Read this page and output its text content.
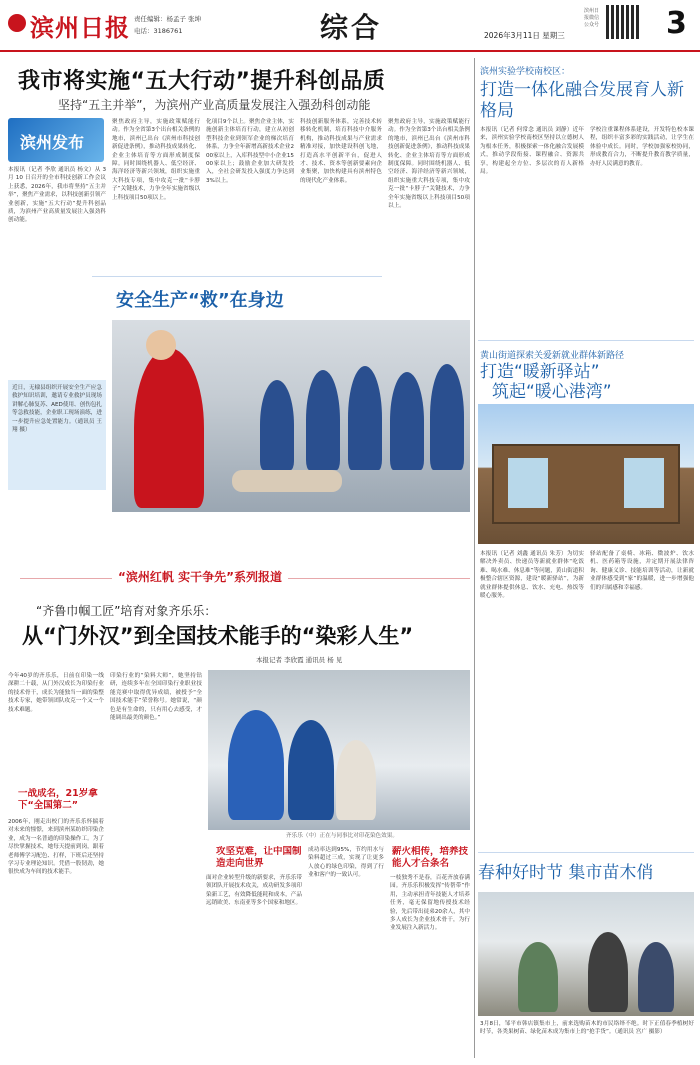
滨州日报 责任编辑：杨孟子 张坤
电话：3186761	综合	2026年3月11日 星期三
滨州日报微信公众号 3
我市将实施“五大行动”提升科创品质
坚持“五主并举”，为滨州产业高质量发展注入强劲科创动能
滨州发布
本报讯（记者 李欣 通讯员 杨文）从 3 月 10 日召开的全市科技创新工作会议上获悉，2026年，我市将坚持“五主并举”，聚焦产业需求，以科技创新引领产业创新，实施“五大行动”提升科创品质，为滨州产业高质量发展注入强劲科创动能。
聚焦政府主导，实施政策赋能行动。作为全省第3个出台相关条例的地市，滨州已出台《滨州市科技创新促进条例》，推动科技成果转化、企业主体培育等方面形成制度保障。同时围绕机器人、低空经济、海洋经济等新兴领域，组织实施重大科技专项，集中攻克一批“卡脖子”关键技术，力争全年实施省级以上科技项目50项以上。
化项目9个以上。聚焦企业主体，实施创新主体培育行动，建立从初创型科技企业到领军企业的梯次培育体系，力争全年新增高新技术企业200家以上，入库科技型中小企业1500家以上；鼓励企业加大研发投入，全社会研发投入强度力争达到3%以上。
科技创新服务体系，完善技术转移转化机制，培育科技中介服务机构，推动科技成果与产业需求精准对接，加快建设科创飞地，打造高水平创新平台，促进人才、技术、资本等创新要素向企业集聚，加快构建具有滨州特色的现代化产业体系。
聚焦政府主导，实施政策赋能行动。作为全省第3个出台相关条例的地市，滨州已出台《滨州市科技创新促进条例》，推动科技成果转化、企业主体培育等方面形成制度保障。同时围绕机器人、低空经济、海洋经济等新兴领域，组织实施重大科技专项，集中攻克一批“卡脖子”关键技术，力争全年实施省级以上科技项目50项以上。
安全生产“救”在身边
近日，无棣县组织开展安全生产应急救护知识培训，邀请专业救护员现场讲解心肺复苏、AED使用、创伤包扎等急救技能，企业职工现场演练，进一步提升应急处置能力。（通讯员 王翔 摄）
“滨州红帆 实干争先”系列报道
“齐鲁巾帼工匠”培育对象齐乐乐：
从“门外汉”到全国技术能手的“染彩人生”
本报记者 李欣霞 通讯员 杨 见
今年40岁的齐乐乐，日前在印染一线深耕二十载，从门外汉成长为印染行业的技术骨干，成长为能独当一面的染整技术专家，她带领团队攻克一个又一个技术难题。
一战成名，21岁拿下“全国第二”
2006年，刚走出校门的齐乐乐怀揣着对未来的憧憬，来到滨州某纺织印染企业，成为一名普通的印染操作工。为了尽快掌握技术，她每天提前到岗，跟着老师傅学习配色、打样，下班后还坚持学习专业理论知识。凭借一股韧劲，她很快成为车间的技术能手。
印染行业的“染料大师”，她坚持钻研，连续多年在全国印染行业职业技能竞赛中取得优异成绩，被授予“全国技术能手”荣誉称号。她常说，“颜色是有生命的，只有用心去感受，才能调出最美的颜色。”
齐乐乐（中）正在与同事比对印花染色效果。
攻坚克难，让中国制造走向世界
面对企业转型升级的新要求，齐乐乐带领团队开展技术攻关，成功研发多项印染新工艺，有效降低能耗和成本，产品远销欧美、东南亚等多个国家和地区。
成功率达到95%，节约用水与染料超过三成，实现了让更多人放心的绿色印染，得到了行业和客户的一致认可。
薪火相传，培养技能人才合条名
一枝独秀不是春，百花齐放春满园。齐乐乐积极发挥“传帮带”作用，主动承担青年技能人才培养任务，毫无保留地传授技术经验，先后带出徒弟20余人，其中多人成长为企业技术骨干，为行业发展注入新活力。
滨州实验学校南校区：
打造一体化融合发展育人新格局
本报讯（记者 何常念 通讯员 刘静）近年来，滨州实验学校南校区坚持以立德树人为根本任务，积极探索一体化融合发展模式，推动学段衔接、课程融合、资源共享，构建起全方位、多层次的育人新格局。
学校注重课程体系建设，开发特色校本课程，组织丰富多彩的实践活动，让学生在体验中成长。同时，学校加强家校协同，形成教育合力，不断提升教育教学质量，办好人民满意的教育。
黄山街道探索关爱新就业群体新路径
打造“暖新驿站”
筑起“暖心港湾”
本报讯（记者 刘鑫 通讯员 朱芳）为切实解决外卖员、快递员等新就业群体“吃饭难、喝水难、休息难”等问题，黄山街道积极整合辖区资源，建设“暖新驿站”，为新就业群体提供休息、饮水、充电、热饭等暖心服务。
驿站配备了桌椅、冰箱、微波炉、饮水机、医药箱等设施，并定期开展法律咨询、健康义诊、技能培训等活动，让新就业群体感受到“家”的温暖，进一步增强他们的归属感和幸福感。
春种好时节 集市苗木俏
3月8日，邹平市韩店镇集市上，前来选购苗木的市民络绎不绝。时下正值春季植树好时节，各类果树苗、绿化苗木成为集市上的“抢手货”。（通讯员 宫广 摄影）
